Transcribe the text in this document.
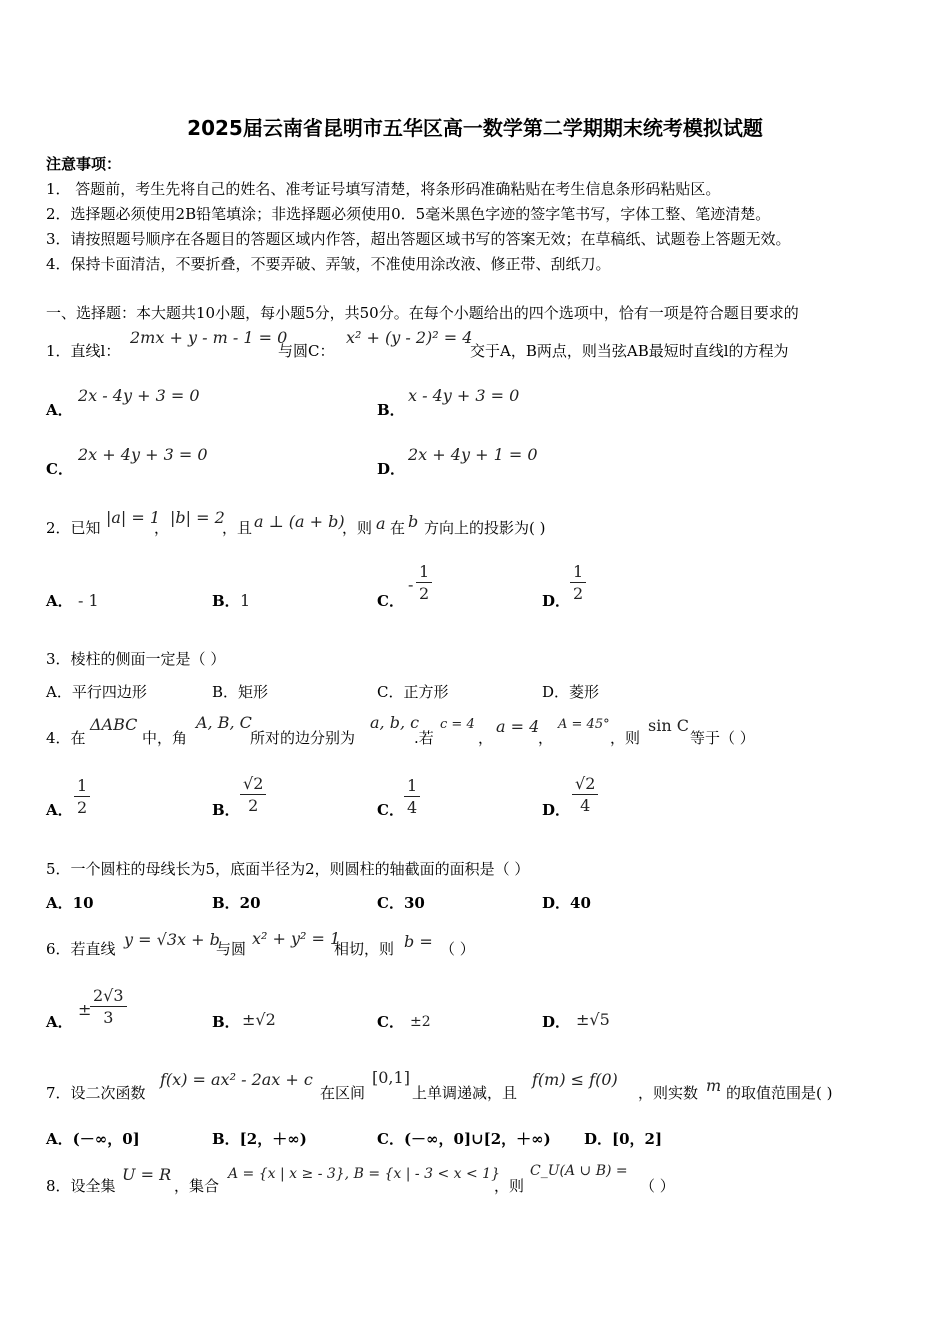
2025届云南省昆明市五华区高一数学第二学期期末统考模拟试题
注意事项：
1． 答题前，考生先将自己的姓名、准考证号填写清楚，将条形码准确粘贴在考生信息条形码粘贴区。
2．选择题必须使用2B铅笔填涂；非选择题必须使用0．5毫米黑色字迹的签字笔书写，字体工整、笔迹清楚。
3．请按照题号顺序在各题目的答题区域内作答，超出答题区域书写的答案无效；在草稿纸、试题卷上答题无效。
4．保持卡面清洁，不要折叠，不要弄破、弄皱，不准使用涂改液、修正带、刮纸刀。
一、选择题：本大题共10小题，每小题5分，共50分。在每个小题给出的四个选项中，恰有一项是符合题目要求的
1．直线l：
2mx + y - m - 1 = 0
与圆C：
x² + (y - 2)² = 4
交于A，B两点，则当弦AB最短时直线l的方程为
A．
2x - 4y + 3 = 0
B．
x - 4y + 3 = 0
C．
2x + 4y + 3 = 0
D．
2x + 4y + 1 = 0
2．已知
|a| = 1
，
|b| = 2
，且 a ⊥ (a + b)
，则 a 在 b 方向上的投影为( )
A． - 1	B． 1	C．
- $\frac{1}{2}$	D． $\frac{1}{2}$
3．棱柱的侧面一定是（ ）
A．平行四边形	B．矩形	C．正方形	D．菱形
4．在
ΔABC
中，角
A, B, C
所对的边分别为
a, b, c
.若
c = 4
，
a = 4
，
A = 45°
，则
sin C
等于（ ）
A． $\frac{1}{2}$	B． $\frac{√2}{2}$	C． $\frac{1}{4}$	D． $\frac{√2}{4}$
5．一个圆柱的母线长为5，底面半径为2，则圆柱的轴截面的面积是（ ）
A．10	B．20	C．30	D．40
6．若直线 y = √3x + b
与圆
x² + y² = 1
相切，则 b = （ ）
A．
±
$\frac{2√3}{3}$	B． ±√2	C． ±2	D． ±√5
7．设二次函数
f(x) = ax² - 2ax + c
在区间
[0,1]
上单调递减，且
f(m) ≤ f(0)
，则实数 m 的取值范围是( )
A．(－∞，0]	B．[2，＋∞)	C．(－∞，0]∪[2，＋∞) D．[0，2]
8．设全集
U = R
，集合
A = {x | x ≥ - 3}, B = {x | - 3 < x < 1}
，则
C_U(A ∪ B) =
（ ）
